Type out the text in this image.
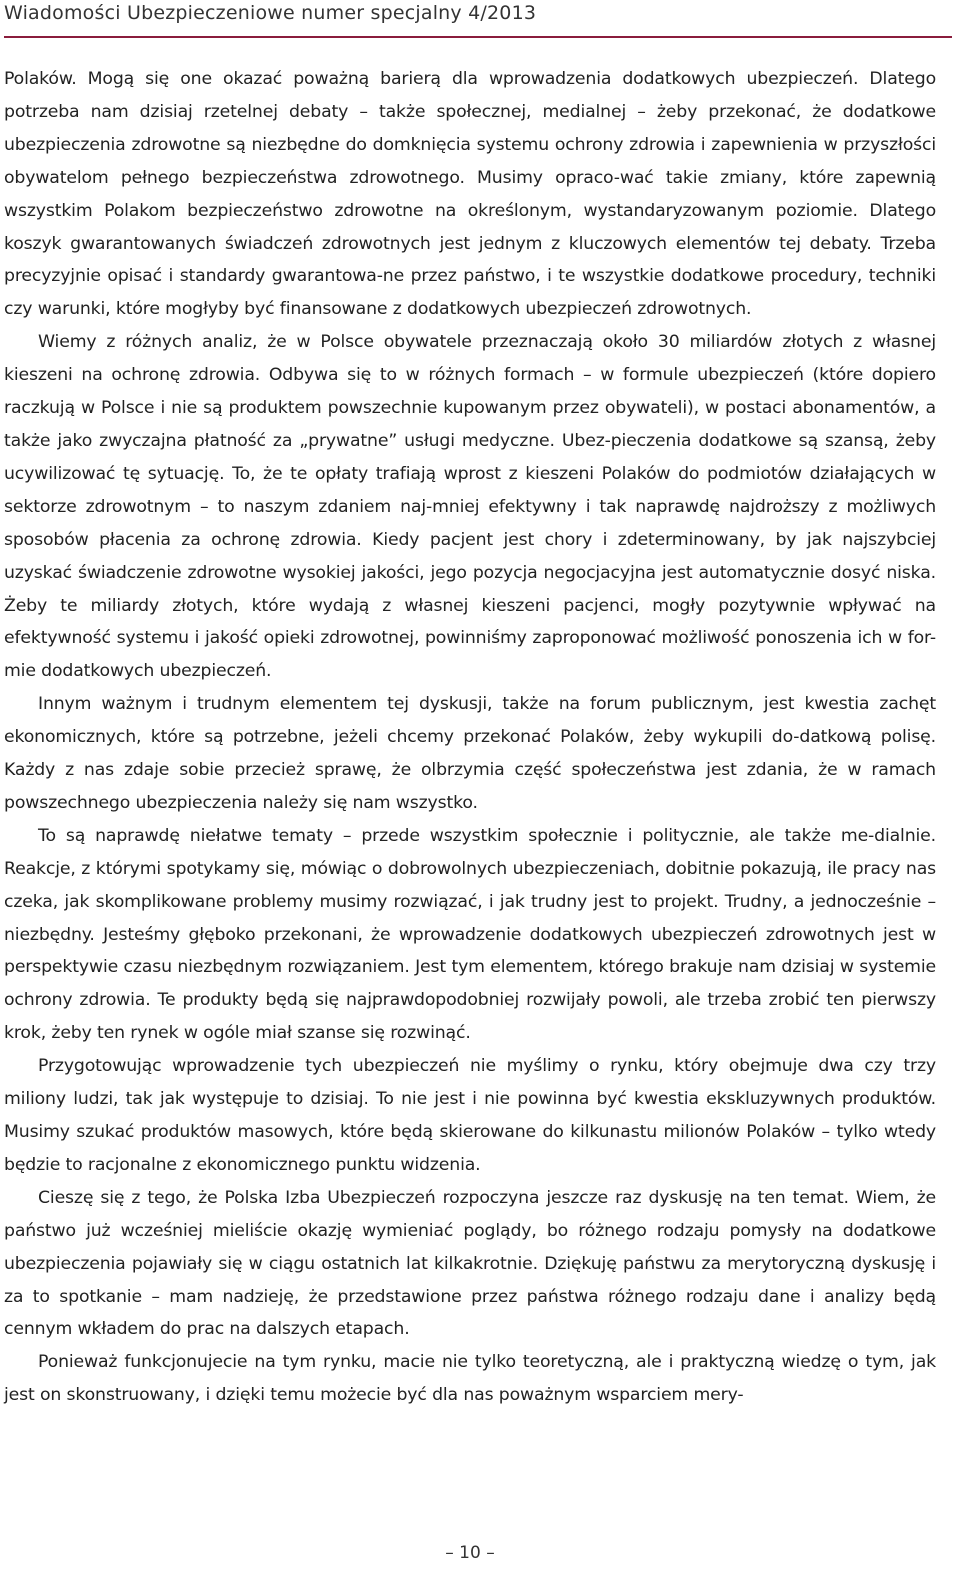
Wiadomości Ubezpieczeniowe numer specjalny 4/2013

Polaków. Mogą się one okazać poważną barierą dla wprowadzenia dodatkowych ubezpieczeń. Dlatego potrzeba nam dzisiaj rzetelnej debaty – także społecznej, medialnej – żeby przekonać, że dodatkowe ubezpieczenia zdrowotne są niezbędne do domknięcia systemu ochrony zdrowia i zapewnienia w przyszłości obywatelom pełnego bezpieczeństwa zdrowotnego. Musimy opraco-wać takie zmiany, które zapewnią wszystkim Polakom bezpieczeństwo zdrowotne na określonym, wystandaryzowanym poziomie. Dlatego koszyk gwarantowanych świadczeń zdrowotnych jest jednym z kluczowych elementów tej debaty. Trzeba precyzyjnie opisać i standardy gwarantowa-ne przez państwo, i te wszystkie dodatkowe procedury, techniki czy warunki, które mogłyby być finansowane z dodatkowych ubezpieczeń zdrowotnych.

Wiemy z różnych analiz, że w Polsce obywatele przeznaczają około 30 miliardów złotych z własnej kieszeni na ochronę zdrowia. Odbywa się to w różnych formach – w formule ubezpieczeń (które dopiero raczkują w Polsce i nie są produktem powszechnie kupowanym przez obywateli), w postaci abonamentów, a także jako zwyczajna płatność za „prywatne” usługi medyczne. Ubez-pieczenia dodatkowe są szansą, żeby ucywilizować tę sytuację. To, że te opłaty trafiają wprost z kieszeni Polaków do podmiotów działających w sektorze zdrowotnym – to naszym zdaniem naj-mniej efektywny i tak naprawdę najdroższy z możliwych sposobów płacenia za ochronę zdrowia. Kiedy pacjent jest chory i zdeterminowany, by jak najszybciej uzyskać świadczenie zdrowotne wysokiej jakości, jego pozycja negocjacyjna jest automatycznie dosyć niska. Żeby te miliardy złotych, które wydają z własnej kieszeni pacjenci, mogły pozytywnie wpływać na efektywność systemu i jakość opieki zdrowotnej, powinniśmy zaproponować możliwość ponoszenia ich w for-mie dodatkowych ubezpieczeń.

Innym ważnym i trudnym elementem tej dyskusji, także na forum publicznym, jest kwestia zachęt ekonomicznych, które są potrzebne, jeżeli chcemy przekonać Polaków, żeby wykupili do-datkową polisę. Każdy z nas zdaje sobie przecież sprawę, że olbrzymia część społeczeństwa jest zdania, że w ramach powszechnego ubezpieczenia należy się nam wszystko.

To są naprawdę niełatwe tematy – przede wszystkim społecznie i politycznie, ale także me-dialnie. Reakcje, z którymi spotykamy się, mówiąc o dobrowolnych ubezpieczeniach, dobitnie pokazują, ile pracy nas czeka, jak skomplikowane problemy musimy rozwiązać, i jak trudny jest to projekt. Trudny, a jednocześnie – niezbędny. Jesteśmy głęboko przekonani, że wprowadzenie dodatkowych ubezpieczeń zdrowotnych jest w perspektywie czasu niezbędnym rozwiązaniem. Jest tym elementem, którego brakuje nam dzisiaj w systemie ochrony zdrowia. Te produkty będą się najprawdopodobniej rozwijały powoli, ale trzeba zrobić ten pierwszy krok, żeby ten rynek w ogóle miał szanse się rozwinąć.

Przygotowując wprowadzenie tych ubezpieczeń nie myślimy o rynku, który obejmuje dwa czy trzy miliony ludzi, tak jak występuje to dzisiaj. To nie jest i nie powinna być kwestia ekskluzywnych produktów. Musimy szukać produktów masowych, które będą skierowane do kilkunastu milionów Polaków – tylko wtedy będzie to racjonalne z ekonomicznego punktu widzenia.

Cieszę się z tego, że Polska Izba Ubezpieczeń rozpoczyna jeszcze raz dyskusję na ten temat. Wiem, że państwo już wcześniej mieliście okazję wymieniać poglądy, bo różnego rodzaju pomysły na dodatkowe ubezpieczenia pojawiały się w ciągu ostatnich lat kilkakrotnie. Dziękuję państwu za merytoryczną dyskusję i za to spotkanie – mam nadzieję, że przedstawione przez państwa różnego rodzaju dane i analizy będą cennym wkładem do prac na dalszych etapach.

Ponieważ funkcjonujecie na tym rynku, macie nie tylko teoretyczną, ale i praktyczną wiedzę o tym, jak jest on skonstruowany, i dzięki temu możecie być dla nas poważnym wsparciem mery-

– 10 –
